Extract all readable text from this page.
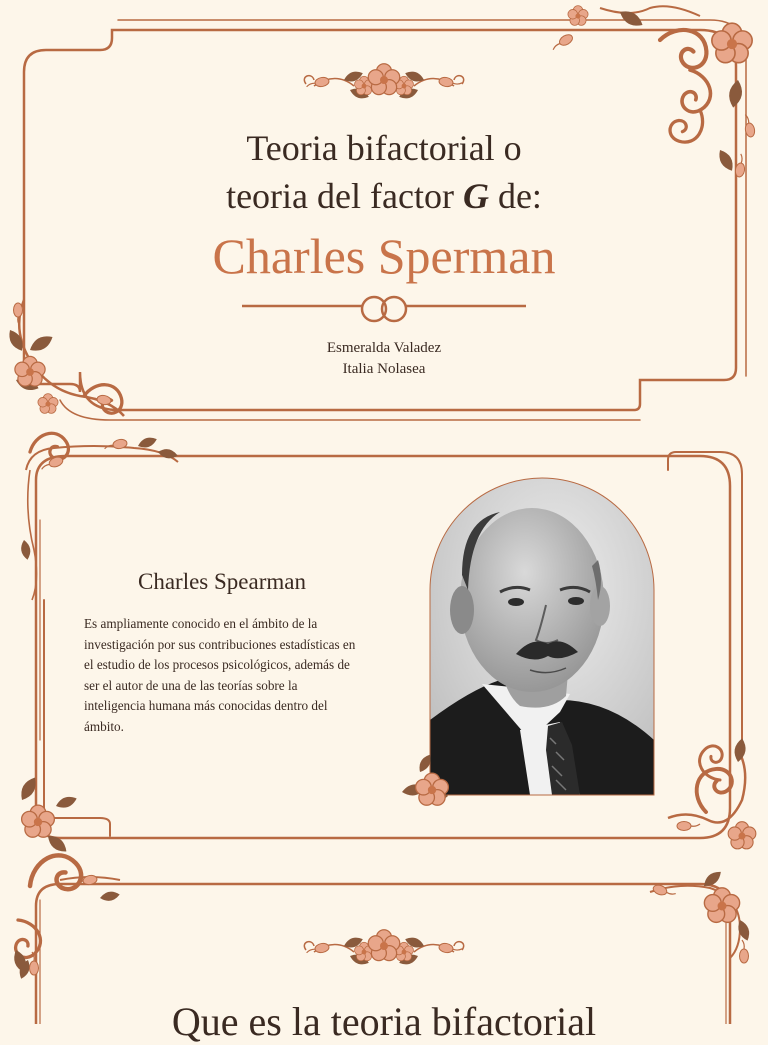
Teoria bifactorial o
teoria del factor G de:
Charles Sperman
Esmeralda Valadez
Italia Nolasea
Charles Spearman
Es ampliamente conocido en el ámbito de la investigación por sus contribuciones estadísticas en el estudio de los procesos psicológicos, además de ser el autor de una de las teorías sobre la inteligencia humana más conocidas dentro del ámbito.
Que es la teoria bifactorial
